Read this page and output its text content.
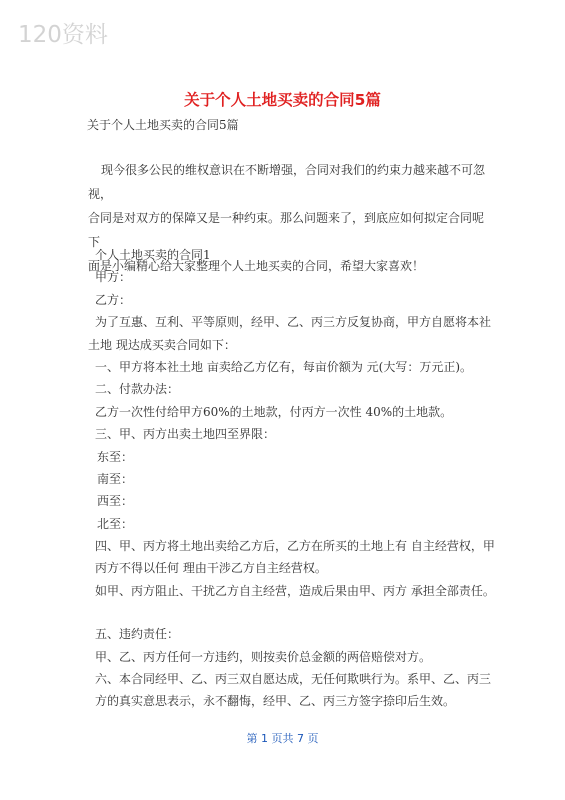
120资料
关于个人土地买卖的合同5篇
关于个人土地买卖的合同5篇

现今很多公民的维权意识在不断增强，合同对我们的约束力越来越不可忽视，

合同是对双方的保障又是一种约束。那么问题来了，到底应如何拟定合同呢下

面是小编精心给大家整理个人土地买卖的合同，希望大家喜欢！

个人土地买卖的合同1
甲方：
乙方：
为了互惠、互利、平等原则，经甲、乙、丙三方反复协商，甲方自愿将本社
土地 现达成买卖合同如下：
一、甲方将本社土地 亩卖给乙方亿有，每亩价额为 元(大写：万元正)。
二、付款办法：
乙方一次性付给甲方60%的土地款，付丙方一次性 40%的土地款。
三、甲、丙方出卖土地四至界限：
东至：
南至：
西至：
北至：
四、甲、丙方将土地出卖给乙方后，乙方在所买的土地上有 自主经营权，甲
丙方不得以任何 理由干涉乙方自主经营权。
如甲、丙方阻止、干扰乙方自主经营，造成后果由甲、丙方 承担全部责任。
五、违约责任：
甲、乙、丙方任何一方违约，则按卖价总金额的两倍赔偿对方。
六、本合同经甲、乙、丙三双自愿达成，无任何欺哄行为。系甲、乙、丙三
方的真实意思表示，永不翻悔，经甲、乙、丙三方签字捺印后生效。
第 1 页共 7 页
